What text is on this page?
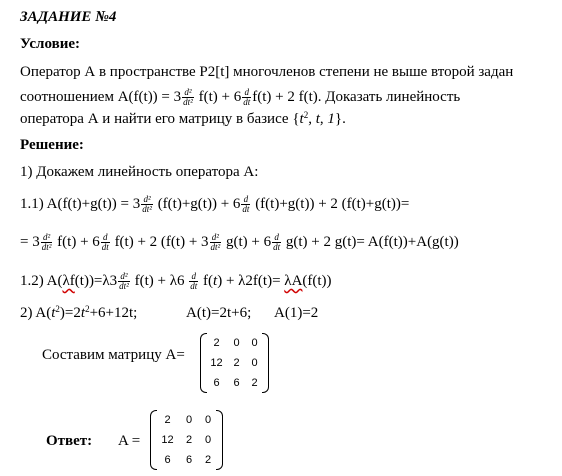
ЗАДАНИЕ №4
Условие:
Оператор А в пространстве P2[t] многочленов степени не выше второй задан
соотношением $A(f(t)) = 3 \frac{\text{d²}}{\text{dt²}} f(t) + 6 \frac{d}{dt} f(t) + 2$ f(t). Доказать линейность
оператора А и найти его матрицу в базисе {$t^2$, t, 1}.
Решение:
1) Докажем линейность оператора А:
1.1) $A(f(t)+g(t)) = 3 \frac{\text{d²}}{\text{dt²}} (f(t)+g(t)) + 6 \frac{d}{dt} (f(t)+g(t)) + 2$ (f(t)+g(t))=
= $3 \frac{\text{d²}}{\text{dt²}} f(t) + 6 \frac{d}{dt} f(t) + 2$ ($f(t) + 3 \frac{\text{d²}}{\text{dt²}} g(t) + 6 \frac{d}{dt} g(t) + 2$ g(t)= A(f(t))+A(g(t))
1.2) $A(\lambda f(t))=\lambda 3 \frac{\text{d²}}{\text{dt²}} f(t) + \lambda 6 \frac{d}{dt} f(t) + \lambda 2f(t)= \lambda A(f(t))$
2) $A(t^2)=2t^2+6+12t$;	A(t)=2t+6; A(1)=2
Составим матрицу A=
2	0	0
12	2	0
6	6	2
Ответ: A =
2	0	0
12	2	0
6	6	2
